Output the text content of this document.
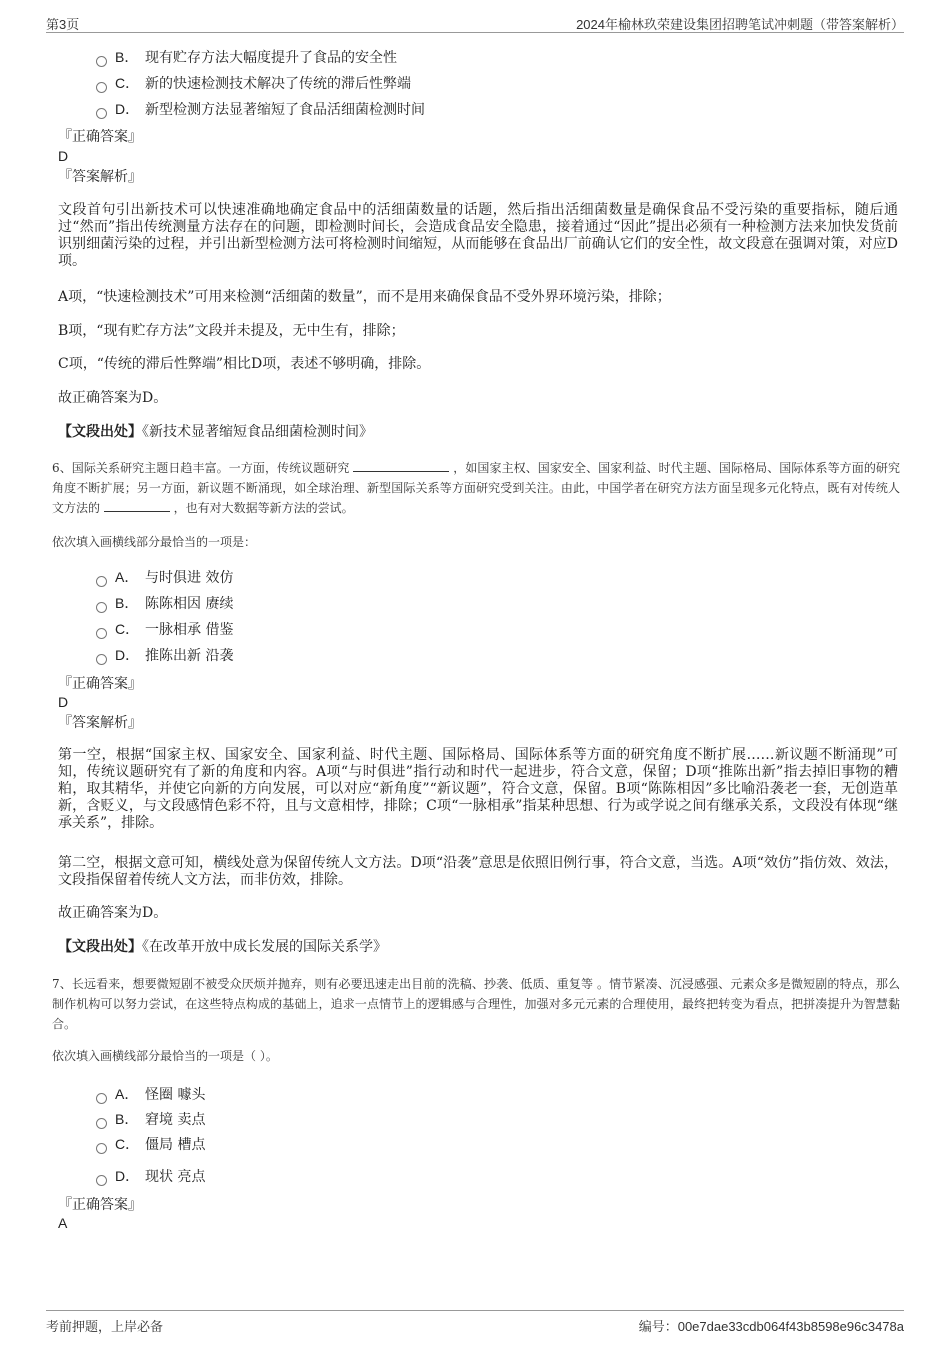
第3页	2024年榆林玖荣建设集团招聘笔试冲刺题（带答案解析）
B． 现有贮存方法大幅度提升了食品的安全性
C． 新的快速检测技术解决了传统的滞后性弊端
D． 新型检测方法显著缩短了食品活细菌检测时间
『正确答案』
D
『答案解析』
文段首句引出新技术可以快速准确地确定食品中的活细菌数量的话题，然后指出活细菌数量是确保食品不受污染的重要指标，随后通过“然而”指出传统测量方法存在的问题，即检测时间长，会造成食品安全隐患，接着通过“因此”提出必须有一种检测方法来加快发货前识别细菌污染的过程，并引出新型检测方法可将检测时间缩短，从而能够在食品出厂前确认它们的安全性，故文段意在强调对策，对应D项。
A项，“快速检测技术”可用来检测“活细菌的数量”，而不是用来确保食品不受外界环境污染，排除；
B项，“现有贮存方法”文段并未提及，无中生有，排除；
C项，“传统的滞后性弊端”相比D项，表述不够明确，排除。
故正确答案为D。
【文段出处】《新技术显著缩短食品细菌检测时间》
6、国际关系研究主题日趋丰富。一方面，传统议题研究	，如国家主权、国家安全、国家利益、时代主题、国际格局、国际体系等方面的研究角度不断扩展；另一方面，新议题不断涌现，如全球治理、新型国际关系等方面研究受到关注。由此，中国学者在研究方法方面呈现多元化特点，既有对传统人文方法的	，也有对大数据等新方法的尝试。
依次填入画横线部分最恰当的一项是：
A． 与时俱进 效仿
B． 陈陈相因 赓续
C． 一脉相承 借鉴
D． 推陈出新 沿袭
『正确答案』
D
『答案解析』
第一空，根据“国家主权、国家安全、国家利益、时代主题、国际格局、国际体系等方面的研究角度不断扩展……新议题不断涌现”可知，传统议题研究有了新的角度和内容。A项“与时俱进”指行动和时代一起进步，符合文意，保留；D项“推陈出新”指去掉旧事物的糟粕，取其精华，并使它向新的方向发展，可以对应“新角度”“新议题”，符合文意，保留。B项“陈陈相因”多比喻沿袭老一套，无创造革新，含贬义，与文段感情色彩不符，且与文意相悖，排除；C项“一脉相承”指某种思想、行为或学说之间有继承关系，文段没有体现“继承关系”，排除。
第二空，根据文意可知，横线处意为保留传统人文方法。D项“沿袭”意思是依照旧例行事，符合文意，当选。A项“效仿”指仿效、效法，文段指保留着传统人文方法，而非仿效，排除。
故正确答案为D。
【文段出处】《在改革开放中成长发展的国际关系学》
7、长远看来，想要微短剧不被受众厌烦并抛弃，则有必要迅速走出目前的洗稿、抄袭、低质、重复等 。情节紧凑、沉浸感强、元素众多是微短剧的特点，那么制作机构可以努力尝试，在这些特点构成的基础上，追求一点情节上的逻辑感与合理性，加强对多元元素的合理使用，最终把转变为看点，把拼凑提升为智慧黏合。
依次填入画横线部分最恰当的一项是（ ）。
A． 怪圈 噱头
B． 窘境 卖点
C． 僵局 槽点
D． 现状 亮点
『正确答案』
A
考前押题，上岸必备	编号：00e7dae33cdb064f43b8598e96c3478a
